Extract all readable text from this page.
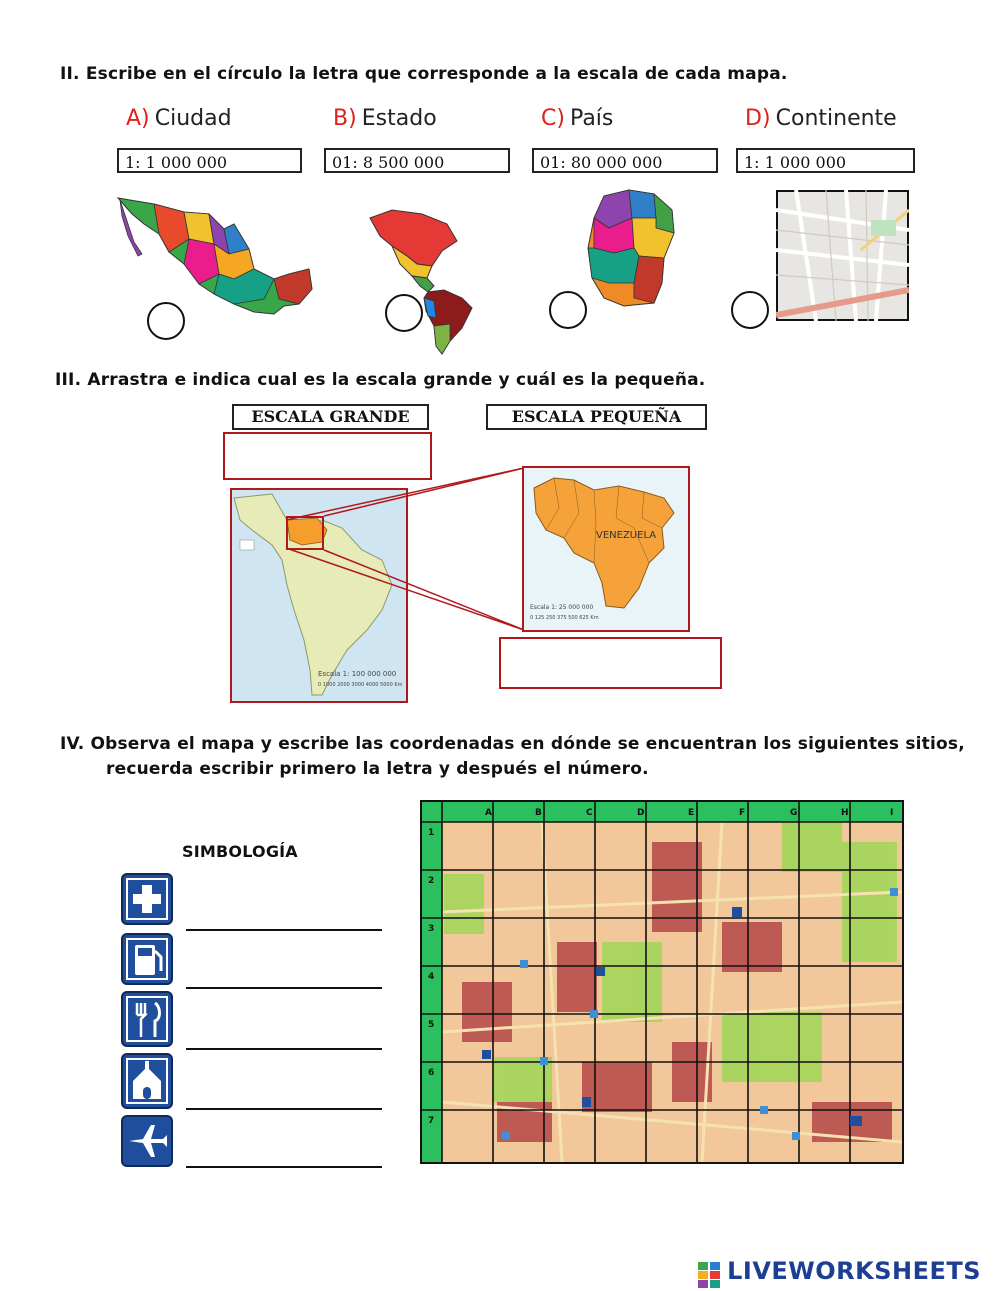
II. Escribe en el círculo la letra que corresponde a la escala de cada mapa.
A) Ciudad	B) Estado	C) País	D) Continente
1: 1 000 000	01: 8 500 000	01: 80 000 000	1: 1 000 000
III. Arrastra e indica cual es la escala grande y cuál es la pequeña.
ESCALA GRANDE	ESCALA PEQUEÑA
Escala 1: 100 000 000
0 1000 2000 3000 4000 5000 Km
VENEZUELA
Escala 1: 25 000 000
0 125 250 375 500 625 Km
IV. Observa el mapa y escribe las coordenadas en dónde se encuentran los siguientes sitios,
recuerda escribir primero la letra y después el número.
SIMBOLOGÍA
A	B	C	D	E	F	G	H	I
1
2
3
4
5
6
7
LIVEWORKSHEETS
